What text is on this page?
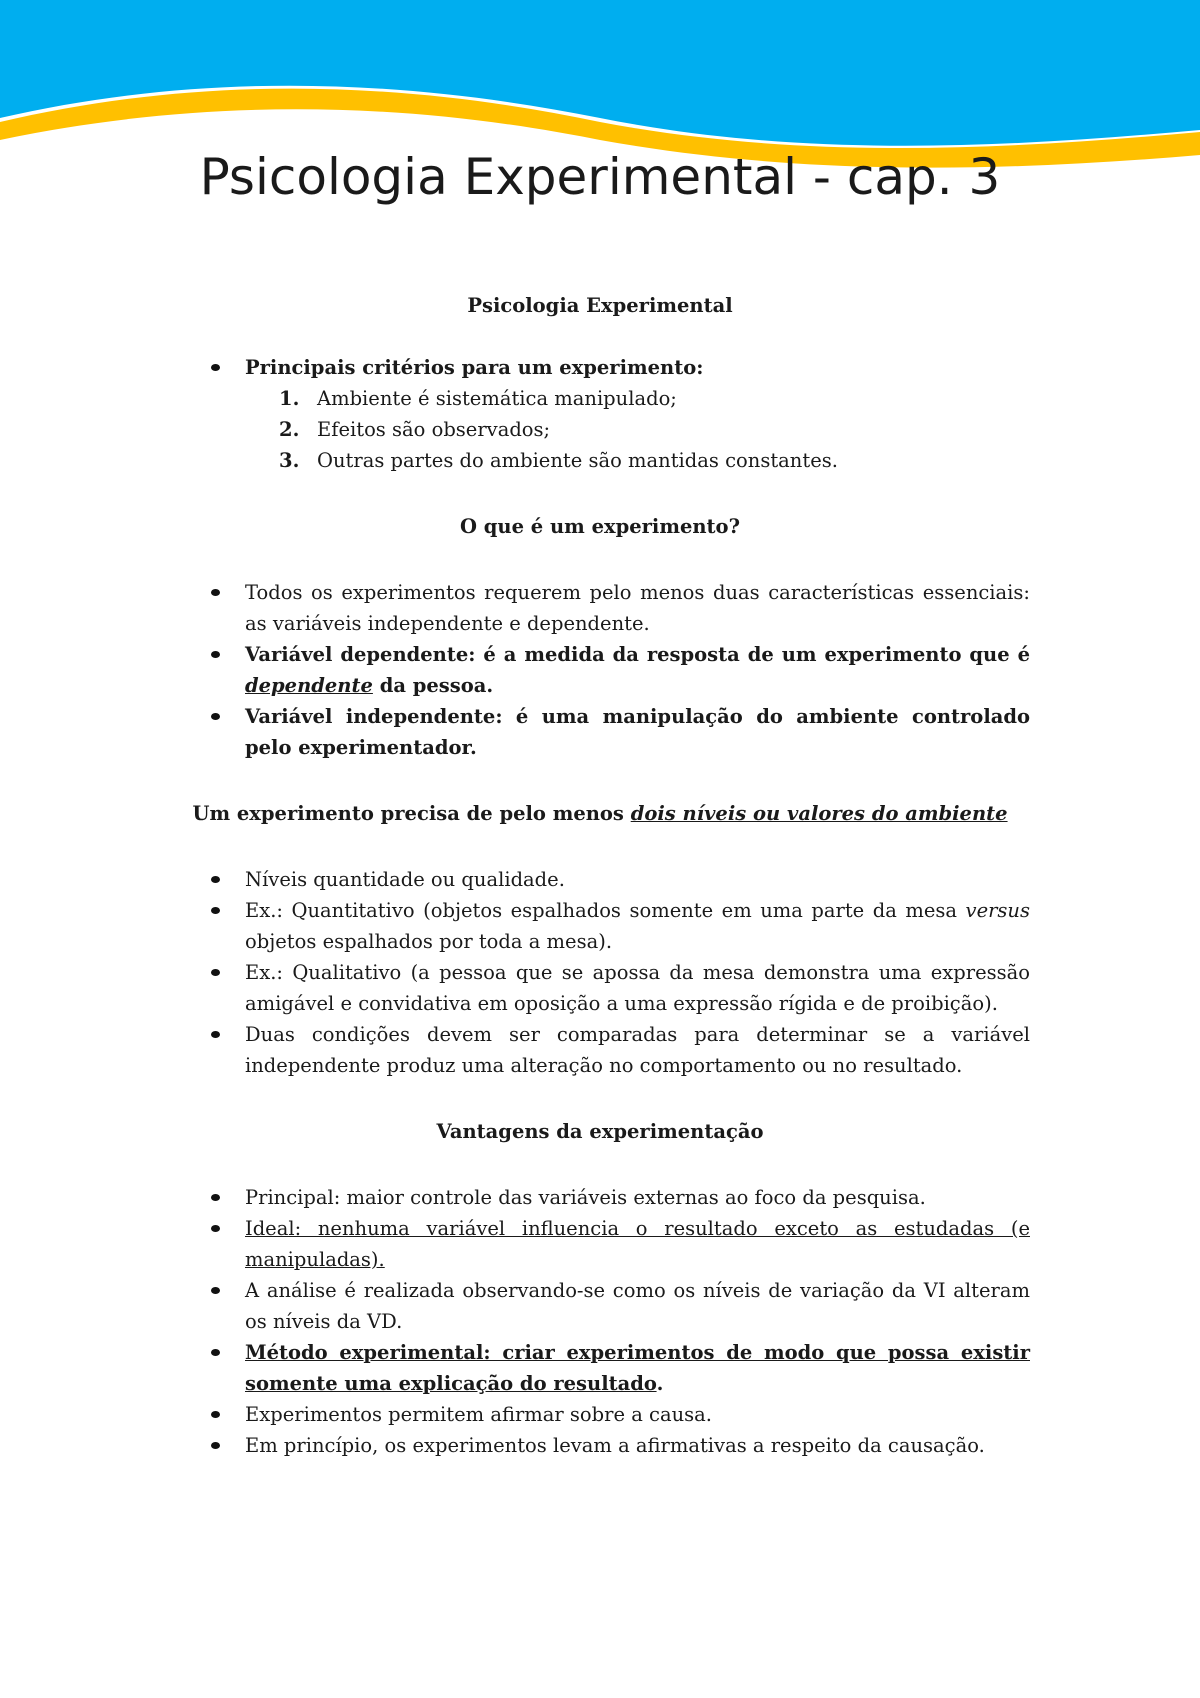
Psicologia Experimental - cap. 3

Psicologia Experimental

Principais critérios para um experimento:
1. Ambiente é sistemática manipulado;
2. Efeitos são observados;
3. Outras partes do ambiente são mantidas constantes.

O que é um experimento?

Todos os experimentos requerem pelo menos duas características essenciais: as variáveis independente e dependente.
Variável dependente: é a medida da resposta de um experimento que é dependente da pessoa.
Variável independente: é uma manipulação do ambiente controlado pelo experimentador.

Um experimento precisa de pelo menos dois níveis ou valores do ambiente

Níveis quantidade ou qualidade.
Ex.: Quantitativo (objetos espalhados somente em uma parte da mesa versus objetos espalhados por toda a mesa).
Ex.: Qualitativo (a pessoa que se apossa da mesa demonstra uma expressão amigável e convidativa em oposição a uma expressão rígida e de proibição).
Duas condições devem ser comparadas para determinar se a variável independente produz uma alteração no comportamento ou no resultado.

Vantagens da experimentação

Principal: maior controle das variáveis externas ao foco da pesquisa.
Ideal: nenhuma variável influencia o resultado exceto as estudadas (e manipuladas).
A análise é realizada observando-se como os níveis de variação da VI alteram os níveis da VD.
Método experimental: criar experimentos de modo que possa existir somente uma explicação do resultado.
Experimentos permitem afirmar sobre a causa.
Em princípio, os experimentos levam a afirmativas a respeito da causação.
